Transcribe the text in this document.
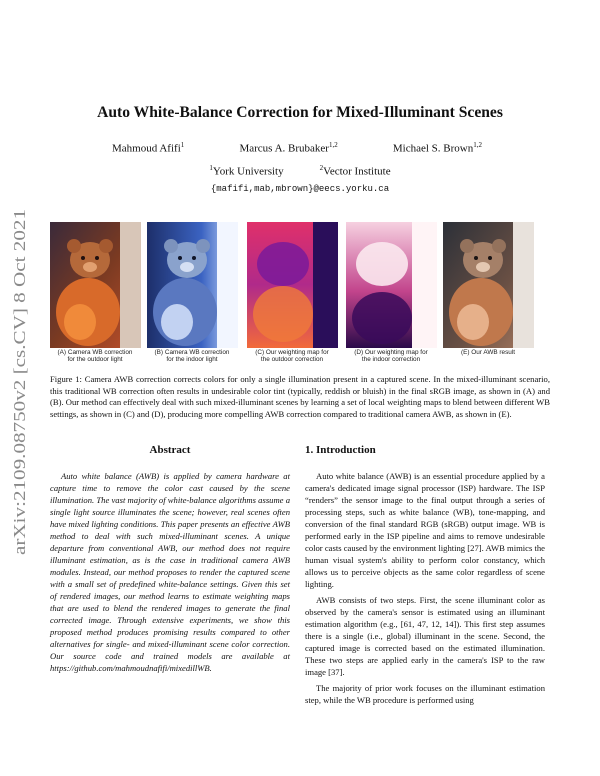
arXiv:2109.08750v2 [cs.CV] 8 Oct 2021
Auto White-Balance Correction for Mixed-Illuminant Scenes
Mahmoud Afifi$^1$	Marcus A. Brubaker$^{1,2}$	Michael S. Brown$^{1,2}$
$^1$York University	$^2$Vector Institute
{mafifi,mab,mbrown}@eecs.yorku.ca
(A) Camera WB correction
for the outdoor light
(B) Camera WB correction
for the indoor light
(C) Our weighting map for
the outdoor correction
(D) Our weighting map for
the indoor correction
(E) Our AWB result
Figure 1: Camera AWB correction corrects colors for only a single illumination present in a captured scene. In the mixed-illuminant scenario, this traditional WB correction often results in undesirable color tint (typically, reddish or bluish) in the final sRGB image, as shown in (A) and (B). Our method can effectively deal with such mixed-illuminant scenes by learning a set of local weighting maps to blend between different WB settings, as shown in (C) and (D), producing more compelling AWB correction compared to traditional camera AWB, as shown in (E).
Abstract
Auto white balance (AWB) is applied by camera hardware at capture time to remove the color cast caused by the scene illumination. The vast majority of white-balance algorithms assume a single light source illuminates the scene; however, real scenes often have mixed lighting conditions. This paper presents an effective AWB method to deal with such mixed-illuminant scenes. A unique departure from conventional AWB, our method does not require illuminant estimation, as is the case in traditional camera AWB modules. Instead, our method proposes to render the captured scene with a small set of predefined white-balance settings. Given this set of rendered images, our method learns to estimate weighting maps that are used to blend the rendered images to generate the final corrected image. Through extensive experiments, we show this proposed method produces promising results compared to other alternatives for single- and mixed-illuminant scene color correction. Our source code and trained models are available at https://github.com/mahmoudnafifi/mixedillWB.
1. Introduction

Auto white balance (AWB) is an essential procedure applied by a camera's dedicated image signal processor (ISP) hardware. The ISP “renders” the sensor image to the final output through a series of processing steps, such as white balance (WB), tone-mapping, and conversion of the final standard RGB (sRGB) output image. WB is performed early in the ISP pipeline and aims to remove undesirable color casts caused by the environment lighting [27]. AWB mimics the human visual system's ability to perform color constancy, which allows us to perceive objects as the same color regardless of scene lighting.

AWB consists of two steps. First, the scene illuminant color as observed by the camera's sensor is estimated using an illuminant estimation algorithm (e.g., [61, 47, 12, 14]). This first step assumes there is a single (i.e., global) illuminant in the scene. Second, the captured image is corrected based on the estimated illumination. These two steps are applied early in the camera's ISP to the raw image [37].

The majority of prior work focuses on the illuminant estimation step, while the WB procedure is performed using
